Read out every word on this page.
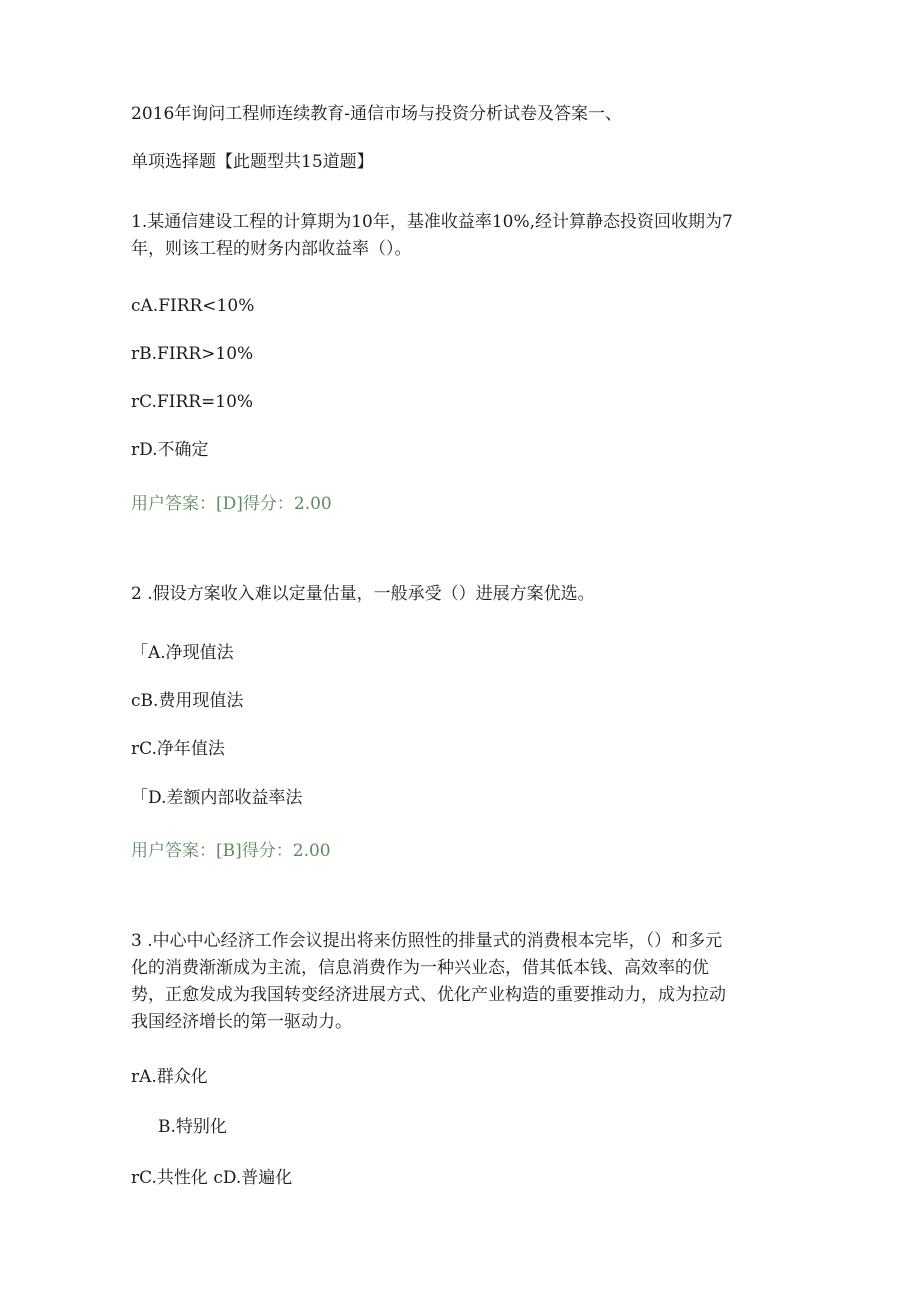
2016年询问工程师连续教育-通信市场与投资分析试卷及答案一、
单项选择题【此题型共15道题】
1.某通信建设工程的计算期为10年，基准收益率10%,经计算静态投资回收期为7
年，则该工程的财务内部收益率（）。
cA.FIRR<10%
rB.FIRR>10%
rC.FIRR=10%
rD.不确定
用户答案：[D]得分：2.00
2 .假设方案收入难以定量估量，一般承受（）进展方案优选。
「A.净现值法
cB.费用现值法
rC.净年值法
「D.差额内部收益率法
用户答案：[B]得分：2.00
3 .中心中心经济工作会议提出将来仿照性的排量式的消费根本完毕，（）和多元
化的消费渐渐成为主流，信息消费作为一种兴业态，借其低本钱、高效率的优
势，正愈发成为我国转变经济进展方式、优化产业构造的重要推动力，成为拉动
我国经济增长的第一驱动力。
rA.群众化
B.特别化
rC.共性化 cD.普遍化
